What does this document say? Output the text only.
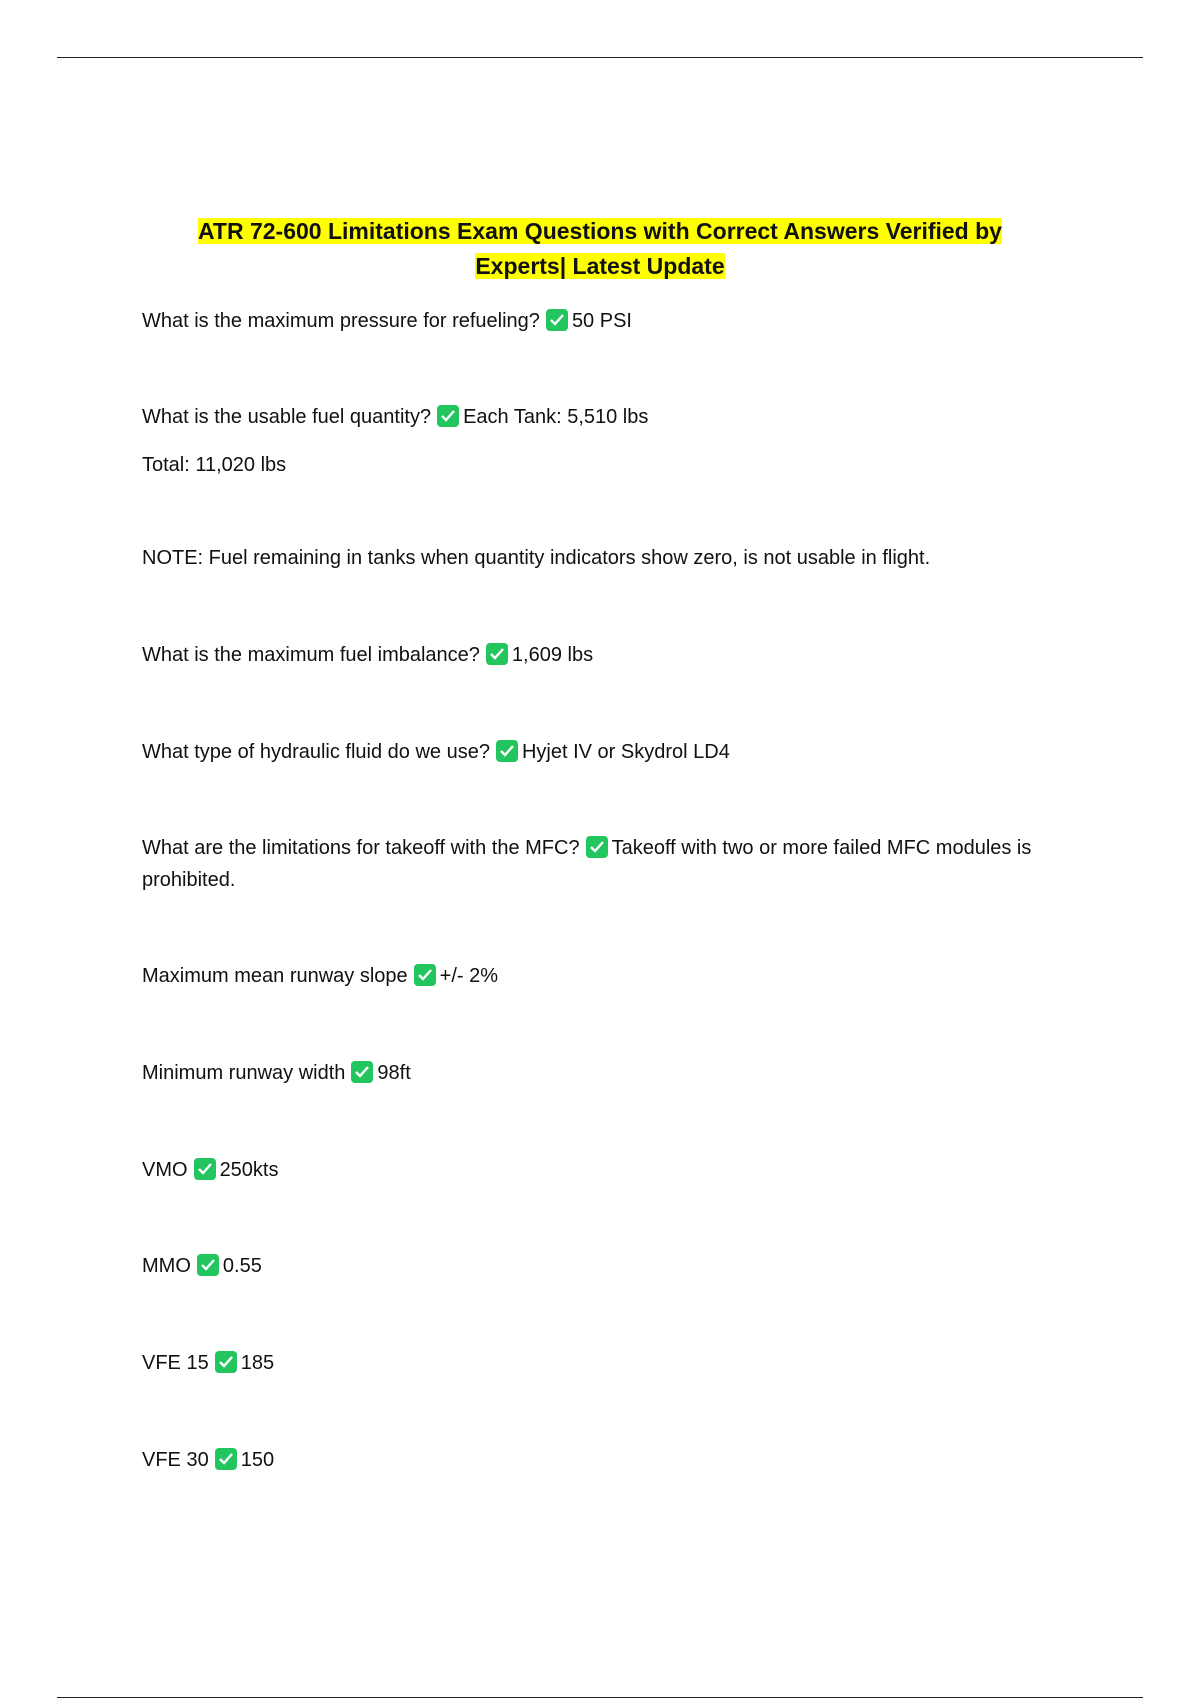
ATR 72-600 Limitations Exam Questions with Correct Answers Verified by
Experts| Latest Update
What is the maximum pressure for refueling? 50 PSI
What is the usable fuel quantity? Each Tank: 5,510 lbs
Total: 11,020 lbs
NOTE: Fuel remaining in tanks when quantity indicators show zero, is not usable in flight.
What is the maximum fuel imbalance? 1,609 lbs
What type of hydraulic fluid do we use? Hyjet IV or Skydrol LD4
What are the limitations for takeoff with the MFC? Takeoff with two or more failed MFC modules is prohibited.
Maximum mean runway slope +/- 2%
Minimum runway width 98ft
VMO 250kts
MMO 0.55
VFE 15 185
VFE 30 150
